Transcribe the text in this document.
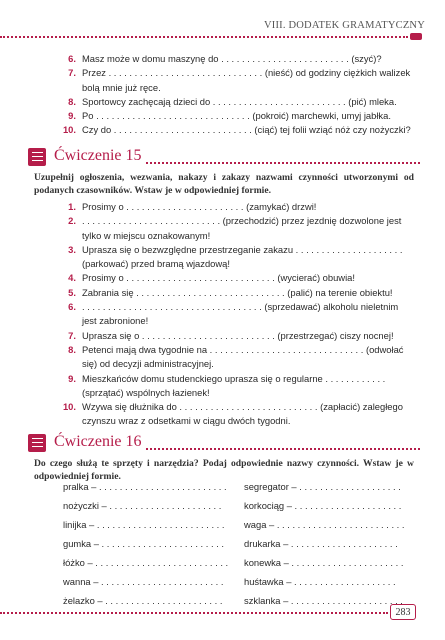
VIII. DODATEK GRAMATYCZNY
6. Masz może w domu maszynę do . . . . . . . . . . . . . . . . . . . . . . . . . (szyć)?
7. Przez . . . . . . . . . . . . . . . . . . . . . . . . . . . . . . (nieść) od godziny ciężkich walizek bolą mnie już ręce.
8. Sportowcy zachęcają dzieci do . . . . . . . . . . . . . . . . . . . . . . . . . . (pić) mleka.
9. Po . . . . . . . . . . . . . . . . . . . . . . . . . . . . . . (pokroić) marchewki, umyj jabłka.
10. Czy do . . . . . . . . . . . . . . . . . . . . . . . . . . . (ciąć) tej folii wziąć nóż czy nożyczki?
Ćwiczenie 15
Uzupełnij ogłoszenia, wezwania, nakazy i zakazy nazwami czynności utworzonymi od podanych czasowników. Wstaw je w odpowiedniej formie.
1. Prosimy o . . . . . . . . . . . . . . . . . . . . . . . (zamykać) drzwi!
2. . . . . . . . . . . . . . . . . . . . . . . . . . . . (przechodzić) przez jezdnię dozwolone jest tylko w miejscu oznakowanym!
3. Uprasza się o bezwzględne przestrzeganie zakazu . . . . . . . . . . . . . . . . . . . . . (parkować) przed bramą wjazdową!
4. Prosimy o . . . . . . . . . . . . . . . . . . . . . . . . . . . . . (wycierać) obuwia!
5. Zabrania się . . . . . . . . . . . . . . . . . . . . . . . . . . . . . (palić) na terenie obiektu!
6. . . . . . . . . . . . . . . . . . . . . . . . . . . . . . . . . . . . (sprzedawać) alkoholu nieletnim jest zabronione!
7. Uprasza się o . . . . . . . . . . . . . . . . . . . . . . . . . . (przestrzegać) ciszy nocnej!
8. Petenci mają dwa tygodnie na . . . . . . . . . . . . . . . . . . . . . . . . . . . . . . (odwołać się) od decyzji administracyjnej.
9. Mieszkańców domu studenckiego uprasza się o regularne . . . . . . . . . . . . (sprzątać) wspólnych łazienek!
10. Wzywa się dłużnika do . . . . . . . . . . . . . . . . . . . . . . . . . . . (zapłacić) zaległego czynszu wraz z odsetkami w ciągu dwóch tygodni.
Ćwiczenie 16
Do czego służą te sprzęty i narzędzia? Podaj odpowiednie nazwy czynności. Wstaw je w odpowiedniej formie.
pralka – . . . . . . . . . . . . . . . . . . . . . . . . .
nożyczki – . . . . . . . . . . . . . . . . . . . . . .
linijka – . . . . . . . . . . . . . . . . . . . . . . . . .
gumka – . . . . . . . . . . . . . . . . . . . . . . . .
łóżko – . . . . . . . . . . . . . . . . . . . . . . . . . .
wanna – . . . . . . . . . . . . . . . . . . . . . . . .
żelazko – . . . . . . . . . . . . . . . . . . . . . . .
segregator – . . . . . . . . . . . . . . . . . . . .
korkociąg – . . . . . . . . . . . . . . . . . . . . .
waga – . . . . . . . . . . . . . . . . . . . . . . . . .
drukarka – . . . . . . . . . . . . . . . . . . . . .
konewka – . . . . . . . . . . . . . . . . . . . . . .
huśtawka – . . . . . . . . . . . . . . . . . . . .
szklanka – . . . . . . . . . . . . . . . . . . . . . .
283
